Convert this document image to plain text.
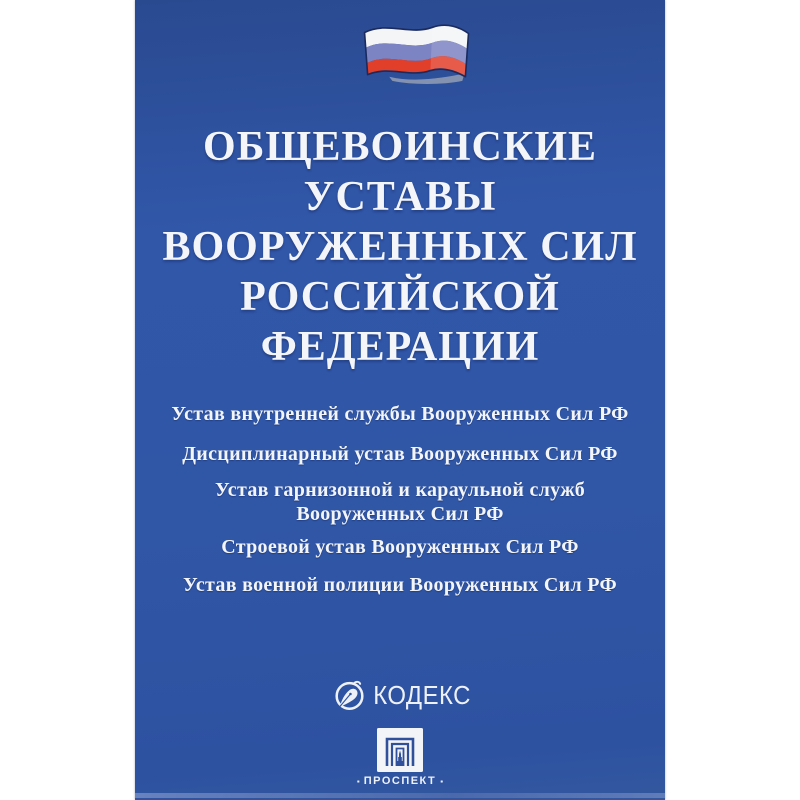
ОБЩЕВОИНСКИЕ
УСТАВЫ
ВООРУЖЕННЫХ СИЛ
РОССИЙСКОЙ
ФЕДЕРАЦИИ
Устав внутренней службы Вооруженных Сил РФ
Дисциплинарный устав Вооруженных Сил РФ
Устав гарнизонной и караульной служб
Вооруженных Сил РФ
Строевой устав Вооруженных Сил РФ
Устав военной полиции Вооруженных Сил РФ
КОДЕКС
▪ ПРОСПЕКТ ▪
